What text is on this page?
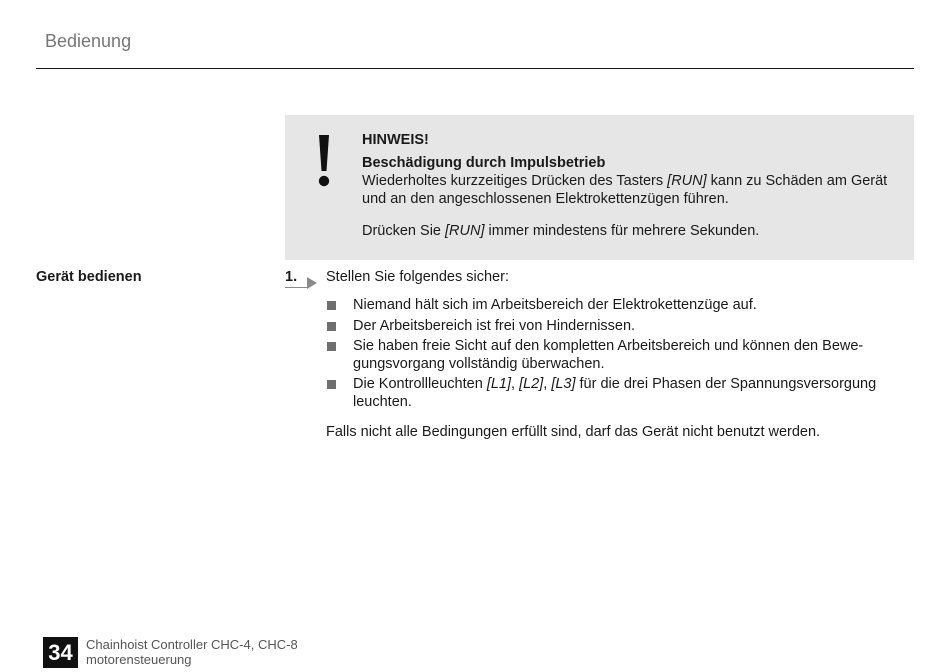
Bedienung
HINWEIS!
Beschädigung durch Impulsbetrieb
Wiederholtes kurzzeitiges Drücken des Tasters [RUN] kann zu Schäden am Gerät und an den angeschlossenen Elektrokettenzügen führen.
Drücken Sie [RUN] immer mindestens für mehrere Sekunden.
Gerät bedienen	1. Stellen Sie folgendes sicher:
Niemand hält sich im Arbeitsbereich der Elektrokettenzüge auf.
Der Arbeitsbereich ist frei von Hindernissen.
Sie haben freie Sicht auf den kompletten Arbeitsbereich und können den Bewe-gungsvorgang vollständig überwachen.
Die Kontrollleuchten [L1], [L2], [L3] für die drei Phasen der Spannungsversorgung leuchten.
Falls nicht alle Bedingungen erfüllt sind, darf das Gerät nicht benutzt werden.
34	Chainhoist Controller CHC-4, CHC-8
motorensteuerung
